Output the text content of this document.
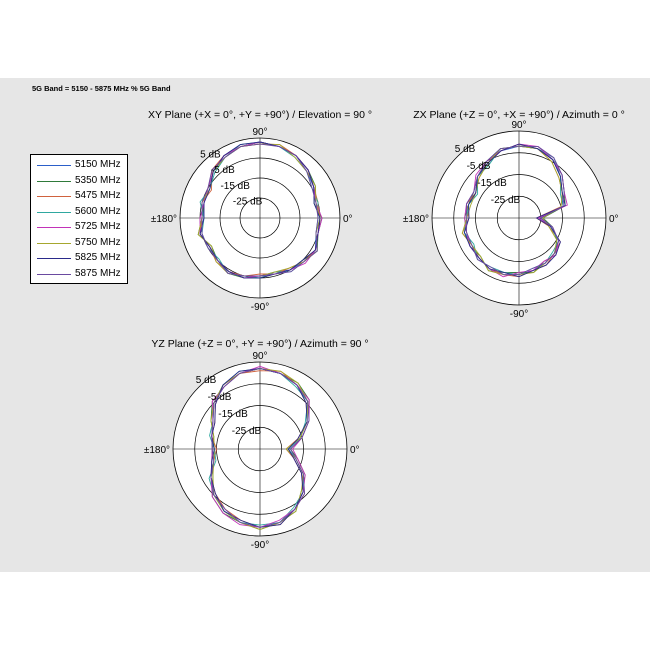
5G Band = 5150 - 5875 MHz % 5G Band
5150 MHz
5350 MHz
5475 MHz
5600 MHz
5725 MHz
5750 MHz
5825 MHz
5875 MHz
XY Plane (+X = 0°, +Y = +90°) / Elevation = 90 °
90°
-90°
±180°	0°
5 dB
-5 dB
-15 dB
-25 dB
ZX Plane (+Z = 0°, +X = +90°) / Azimuth = 0 °
90°
-90°
±180°	0°
5 dB
-5 dB
-15 dB
-25 dB
YZ Plane (+Z = 0°, +Y = +90°) / Azimuth = 90 °
90°
-90°
±180°	0°
5 dB
-5 dB
-15 dB
-25 dB
